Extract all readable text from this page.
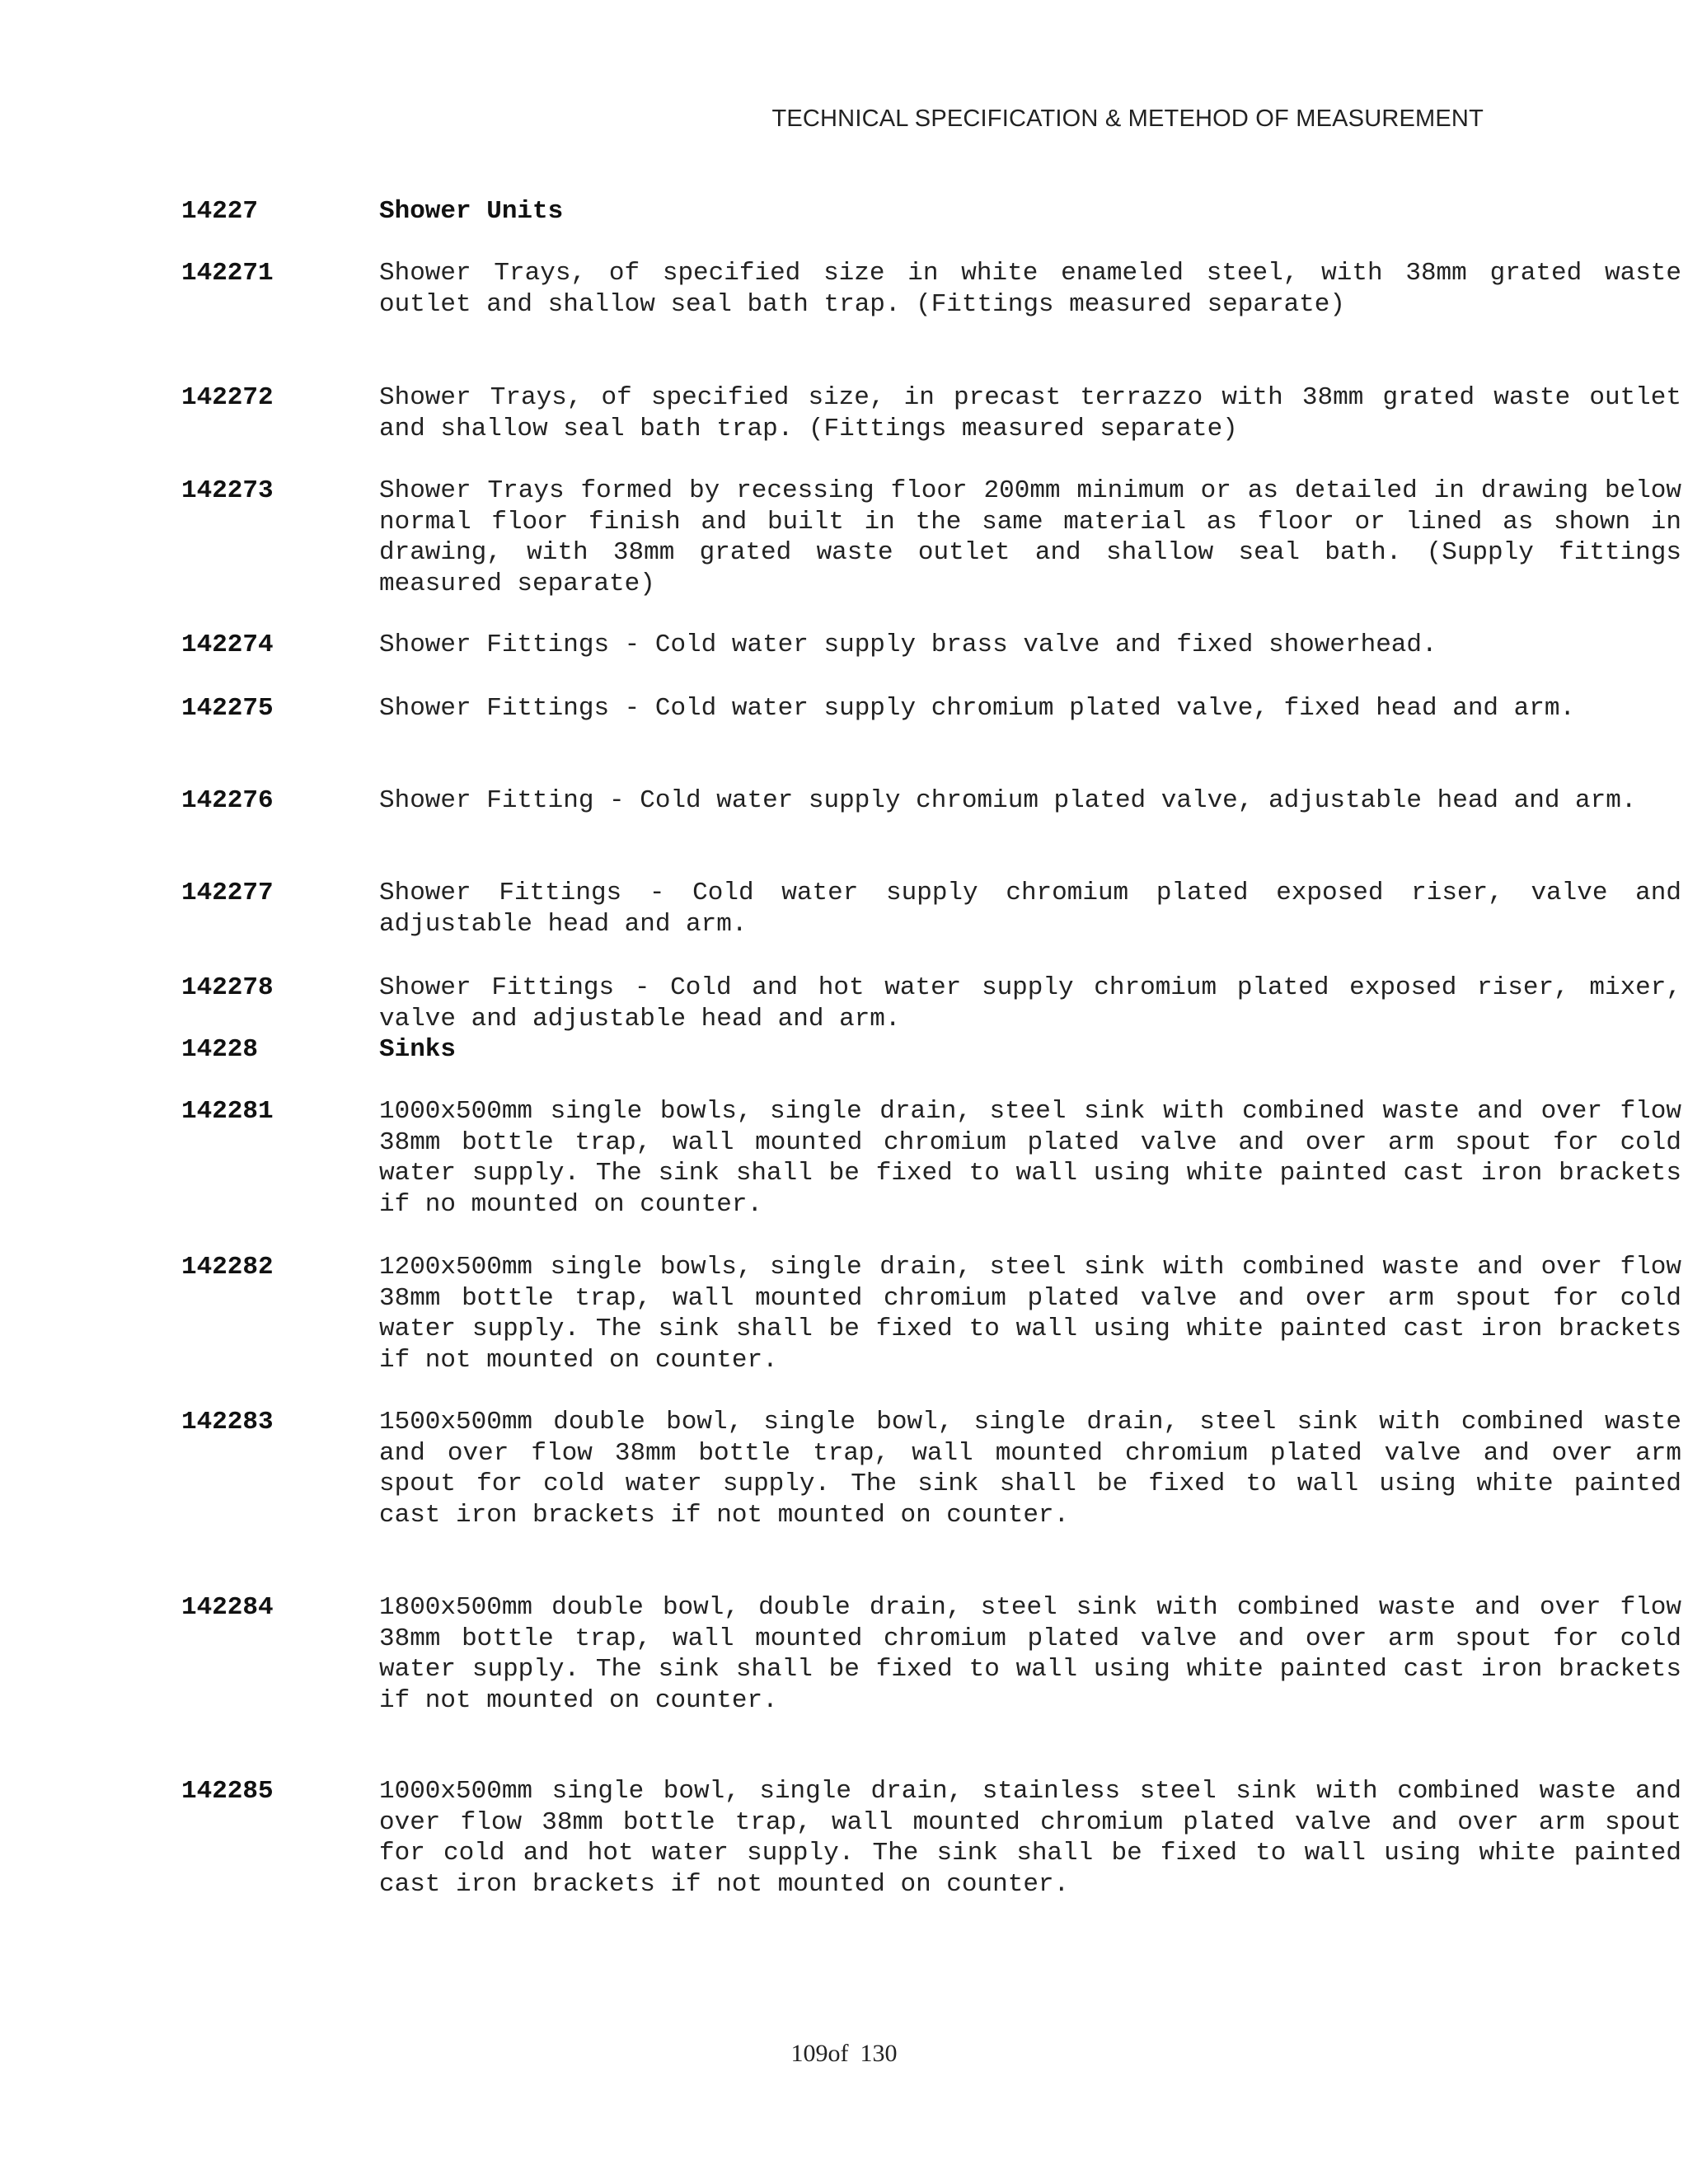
TECHNICAL SPECIFICATION & METEHOD OF MEASUREMENT
14227	Shower Units
142271	Shower Trays, of specified size in white enameled steel, with 38mm grated waste outlet and shallow seal bath trap. (Fittings measured separate)
142272	Shower Trays, of specified size, in precast terrazzo with 38mm grated waste outlet and shallow seal bath trap. (Fittings measured separate)
142273	Shower Trays formed by recessing floor 200mm minimum or as detailed in drawing below normal floor finish and built in the same material as floor or lined as shown in drawing, with 38mm grated waste outlet and shallow seal bath. (Supply fittings measured separate)
142274	Shower Fittings - Cold water supply brass valve and fixed showerhead.
142275	Shower Fittings - Cold water supply chromium plated valve, fixed head and arm.
142276	Shower Fitting - Cold water supply chromium plated valve, adjustable head and arm.
142277	Shower Fittings - Cold water supply chromium plated exposed riser, valve and adjustable head and arm.
142278	Shower Fittings - Cold and hot water supply chromium plated exposed riser, mixer, valve and adjustable head and arm.
14228	Sinks
142281	1000x500mm single bowls, single drain, steel sink with combined waste and over flow 38mm bottle trap, wall mounted chromium plated valve and over arm spout for cold water supply. The sink shall be fixed to wall using white painted cast iron brackets if no mounted on counter.
142282	1200x500mm single bowls, single drain, steel sink with combined waste and over flow 38mm bottle trap, wall mounted chromium plated valve and over arm spout for cold water supply. The sink shall be fixed to wall using white painted cast iron brackets if not mounted on counter.
142283	1500x500mm double bowl, single bowl, single drain, steel sink with combined waste and over flow 38mm bottle trap, wall mounted chromium plated valve and over arm spout for cold water supply. The sink shall be fixed to wall using white painted cast iron brackets if not mounted on counter.
142284	1800x500mm double bowl, double drain, steel sink with combined waste and over flow 38mm bottle trap, wall mounted chromium plated valve and over arm spout for cold water supply. The sink shall be fixed to wall using white painted cast iron brackets if not mounted on counter.
142285	1000x500mm single bowl, single drain, stainless steel sink with combined waste and over flow 38mm bottle trap, wall mounted chromium plated valve and over arm spout for cold and hot water supply. The sink shall be fixed to wall using white painted cast iron brackets if not mounted on counter.
109of 130
